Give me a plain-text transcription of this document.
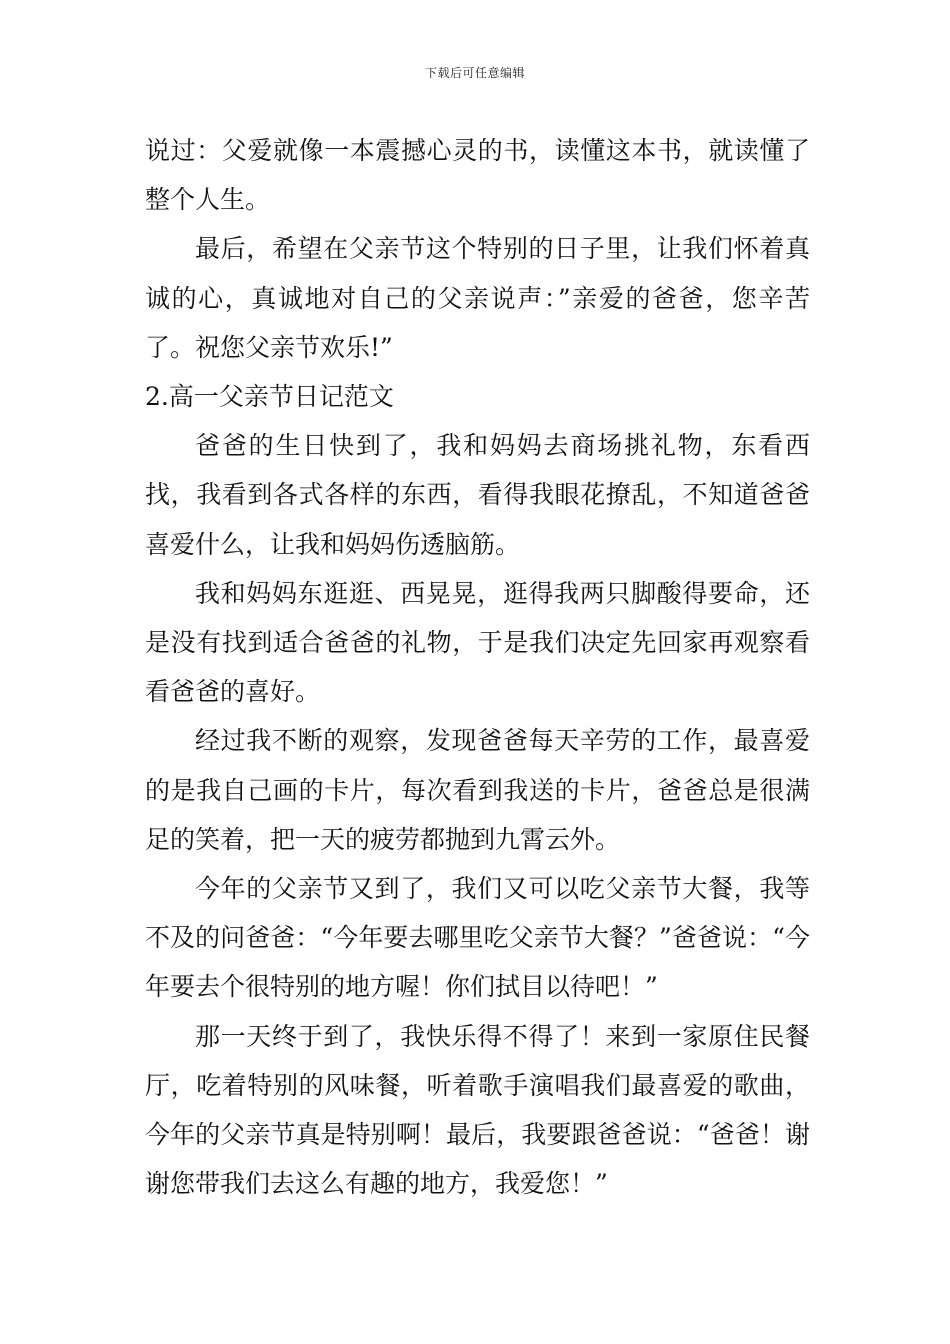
下载后可任意编辑

说过：父爱就像一本震撼心灵的书，读懂这本书，就读懂了整个人生。

最后，希望在父亲节这个特别的日子里，让我们怀着真诚的心，真诚地对自己的父亲说声：”亲爱的爸爸，您辛苦了。祝您父亲节欢乐!”

2.高一父亲节日记范文

爸爸的生日快到了，我和妈妈去商场挑礼物，东看西找，我看到各式各样的东西，看得我眼花撩乱，不知道爸爸喜爱什么，让我和妈妈伤透脑筋。

我和妈妈东逛逛、西晃晃，逛得我两只脚酸得要命，还是没有找到适合爸爸的礼物，于是我们决定先回家再观察看看爸爸的喜好。

经过我不断的观察，发现爸爸每天辛劳的工作，最喜爱的是我自己画的卡片，每次看到我送的卡片，爸爸总是很满足的笑着，把一天的疲劳都抛到九霄云外。

今年的父亲节又到了，我们又可以吃父亲节大餐，我等不及的问爸爸：“今年要去哪里吃父亲节大餐？”爸爸说：“今年要去个很特别的地方喔！你们拭目以待吧！”

那一天终于到了，我快乐得不得了！来到一家原住民餐厅，吃着特别的风味餐，听着歌手演唱我们最喜爱的歌曲，今年的父亲节真是特别啊！最后，我要跟爸爸说：“爸爸！谢谢您带我们去这么有趣的地方，我爱您！”
